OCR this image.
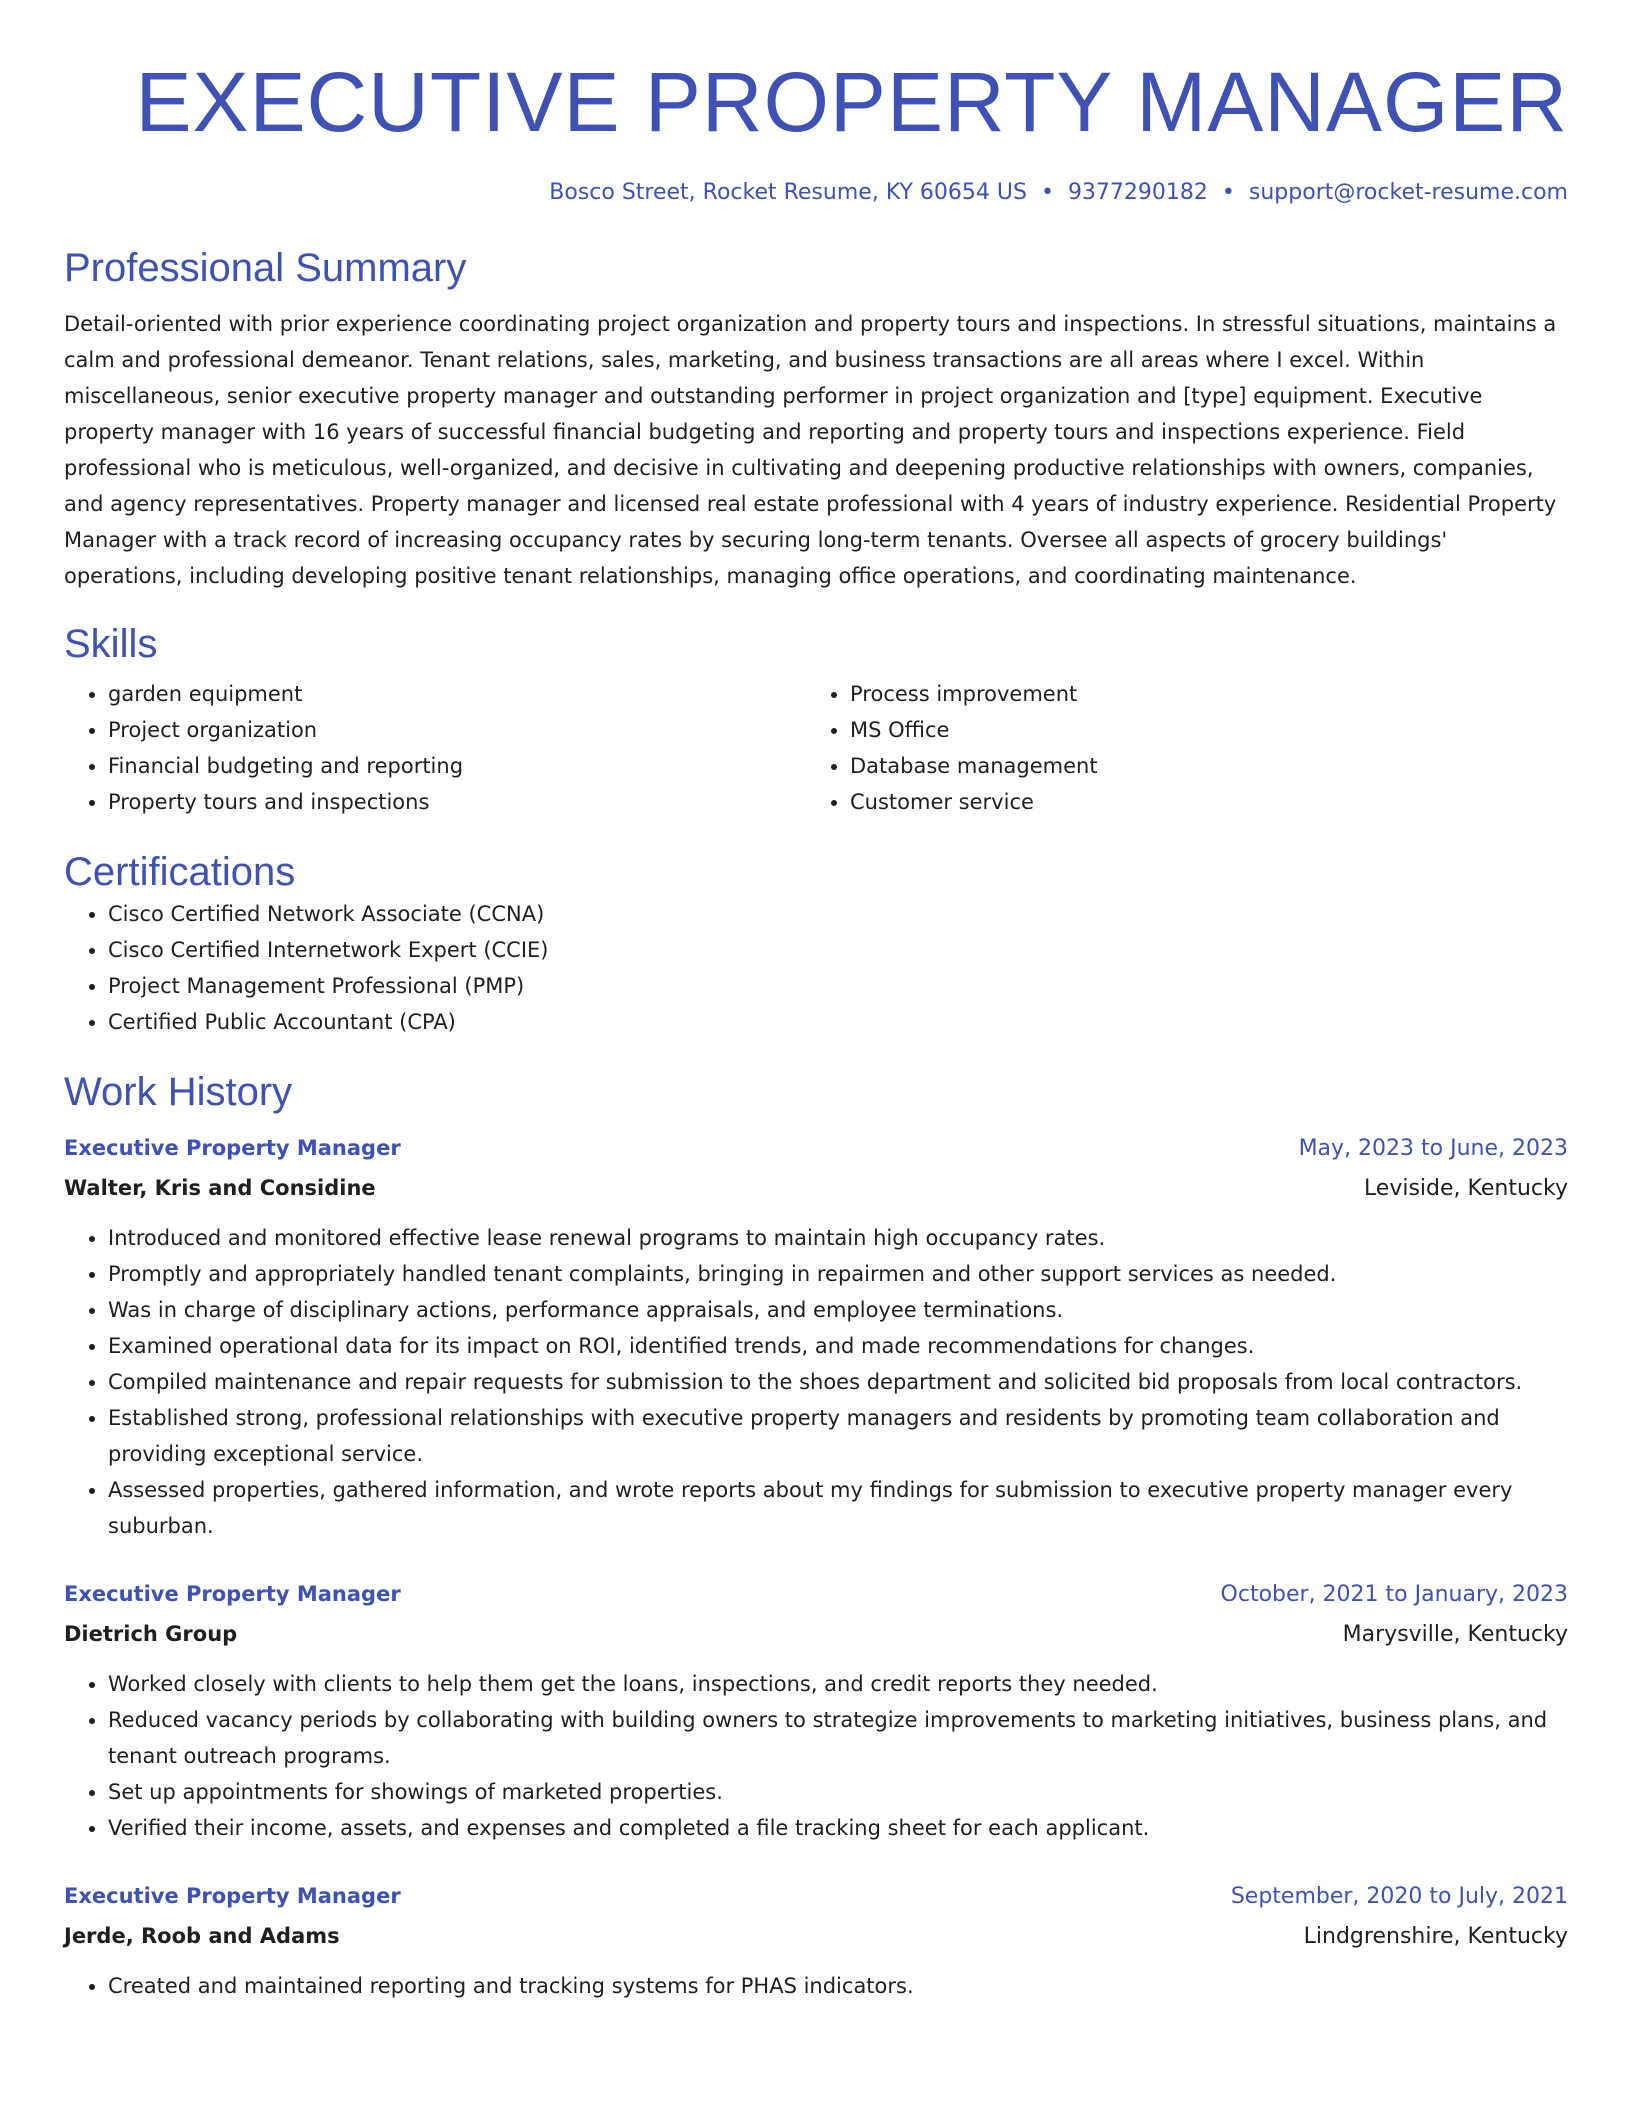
EXECUTIVE PROPERTY MANAGER
Bosco Street, Rocket Resume, KY 60654 US • 9377290182 • support@rocket-resume.com
Professional Summary
Detail-oriented with prior experience coordinating project organization and property tours and inspections. In stressful situations, maintains a calm and professional demeanor. Tenant relations, sales, marketing, and business transactions are all areas where I excel. Within miscellaneous, senior executive property manager and outstanding performer in project organization and [type] equipment. Executive property manager with 16 years of successful financial budgeting and reporting and property tours and inspections experience. Field professional who is meticulous, well-organized, and decisive in cultivating and deepening productive relationships with owners, companies, and agency representatives. Property manager and licensed real estate professional with 4 years of industry experience. Residential Property Manager with a track record of increasing occupancy rates by securing long-term tenants. Oversee all aspects of grocery buildings' operations, including developing positive tenant relationships, managing office operations, and coordinating maintenance.
Skills
• garden equipment
• Project organization
• Financial budgeting and reporting
• Property tours and inspections
• Process improvement
• MS Office
• Database management
• Customer service
Certifications
• Cisco Certified Network Associate (CCNA)
• Cisco Certified Internetwork Expert (CCIE)
• Project Management Professional (PMP)
• Certified Public Accountant (CPA)
Work History
Executive Property Manager	May, 2023 to June, 2023
Walter, Kris and Considine	Leviside, Kentucky
• Introduced and monitored effective lease renewal programs to maintain high occupancy rates.
• Promptly and appropriately handled tenant complaints, bringing in repairmen and other support services as needed.
• Was in charge of disciplinary actions, performance appraisals, and employee terminations.
• Examined operational data for its impact on ROI, identified trends, and made recommendations for changes.
• Compiled maintenance and repair requests for submission to the shoes department and solicited bid proposals from local contractors.
• Established strong, professional relationships with executive property managers and residents by promoting team collaboration and providing exceptional service.
• Assessed properties, gathered information, and wrote reports about my findings for submission to executive property manager every suburban.
Executive Property Manager	October, 2021 to January, 2023
Dietrich Group	Marysville, Kentucky
• Worked closely with clients to help them get the loans, inspections, and credit reports they needed.
• Reduced vacancy periods by collaborating with building owners to strategize improvements to marketing initiatives, business plans, and tenant outreach programs.
• Set up appointments for showings of marketed properties.
• Verified their income, assets, and expenses and completed a file tracking sheet for each applicant.
Executive Property Manager	September, 2020 to July, 2021
Jerde, Roob and Adams	Lindgrenshire, Kentucky
• Created and maintained reporting and tracking systems for PHAS indicators.
